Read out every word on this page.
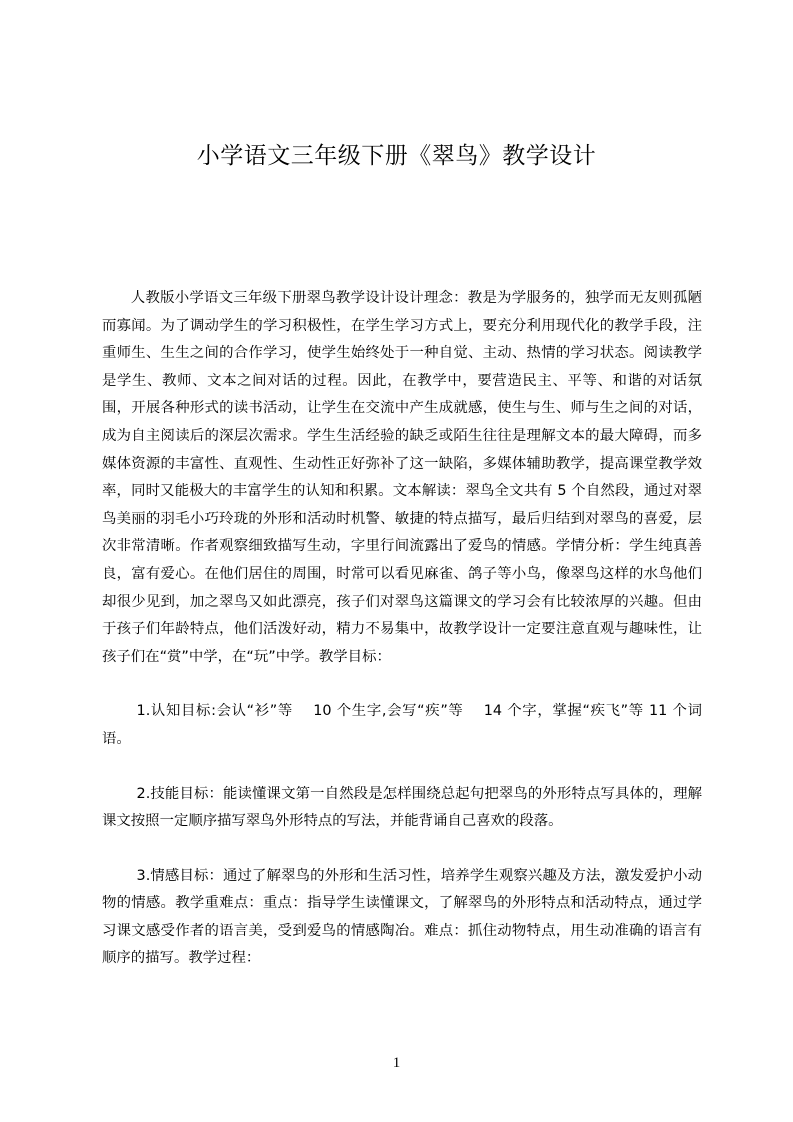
小学语文三年级下册《翠鸟》教学设计

人教版小学语文三年级下册翠鸟教学设计设计理念：教是为学服务的，独学而无友则孤陋而寡闻。为了调动学生的学习积极性，在学生学习方式上，要充分利用现代化的教学手段，注重师生、生生之间的合作学习，使学生始终处于一种自觉、主动、热情的学习状态。阅读教学是学生、教师、文本之间对话的过程。因此，在教学中，要营造民主、平等、和谐的对话氛围，开展各种形式的读书活动，让学生在交流中产生成就感，使生与生、师与生之间的对话，成为自主阅读后的深层次需求。学生生活经验的缺乏或陌生往往是理解文本的最大障碍，而多媒体资源的丰富性、直观性、生动性正好弥补了这一缺陷，多媒体辅助教学，提高课堂教学效率，同时又能极大的丰富学生的认知和积累。文本解读：翠鸟全文共有 5 个自然段，通过对翠鸟美丽的羽毛小巧玲珑的外形和活动时机警、敏捷的特点描写，最后归结到对翠鸟的喜爱，层次非常清晰。作者观察细致描写生动，字里行间流露出了爱鸟的情感。学情分析：学生纯真善良，富有爱心。在他们居住的周围，时常可以看见麻雀、鸽子等小鸟，像翠鸟这样的水鸟他们却很少见到，加之翠鸟又如此漂亮，孩子们对翠鸟这篇课文的学习会有比较浓厚的兴趣。但由于孩子们年龄特点，他们活泼好动，精力不易集中，故教学设计一定要注意直观与趣味性，让孩子们在“赏”中学，在“玩”中学。教学目标：

1.认知目标:会认“衫”等　 10 个生字,会写“疾”等　 14 个字，掌握“疾飞”等 11 个词语。

2.技能目标：能读懂课文第一自然段是怎样围绕总起句把翠鸟的外形特点写具体的，理解课文按照一定顺序描写翠鸟外形特点的写法，并能背诵自己喜欢的段落。

3.情感目标：通过了解翠鸟的外形和生活习性，培养学生观察兴趣及方法，激发爱护小动物的情感。教学重难点：重点：指导学生读懂课文，了解翠鸟的外形特点和活动特点，通过学习课文感受作者的语言美，受到爱鸟的情感陶冶。难点：抓住动物特点，用生动准确的语言有顺序的描写。教学过程：

1
